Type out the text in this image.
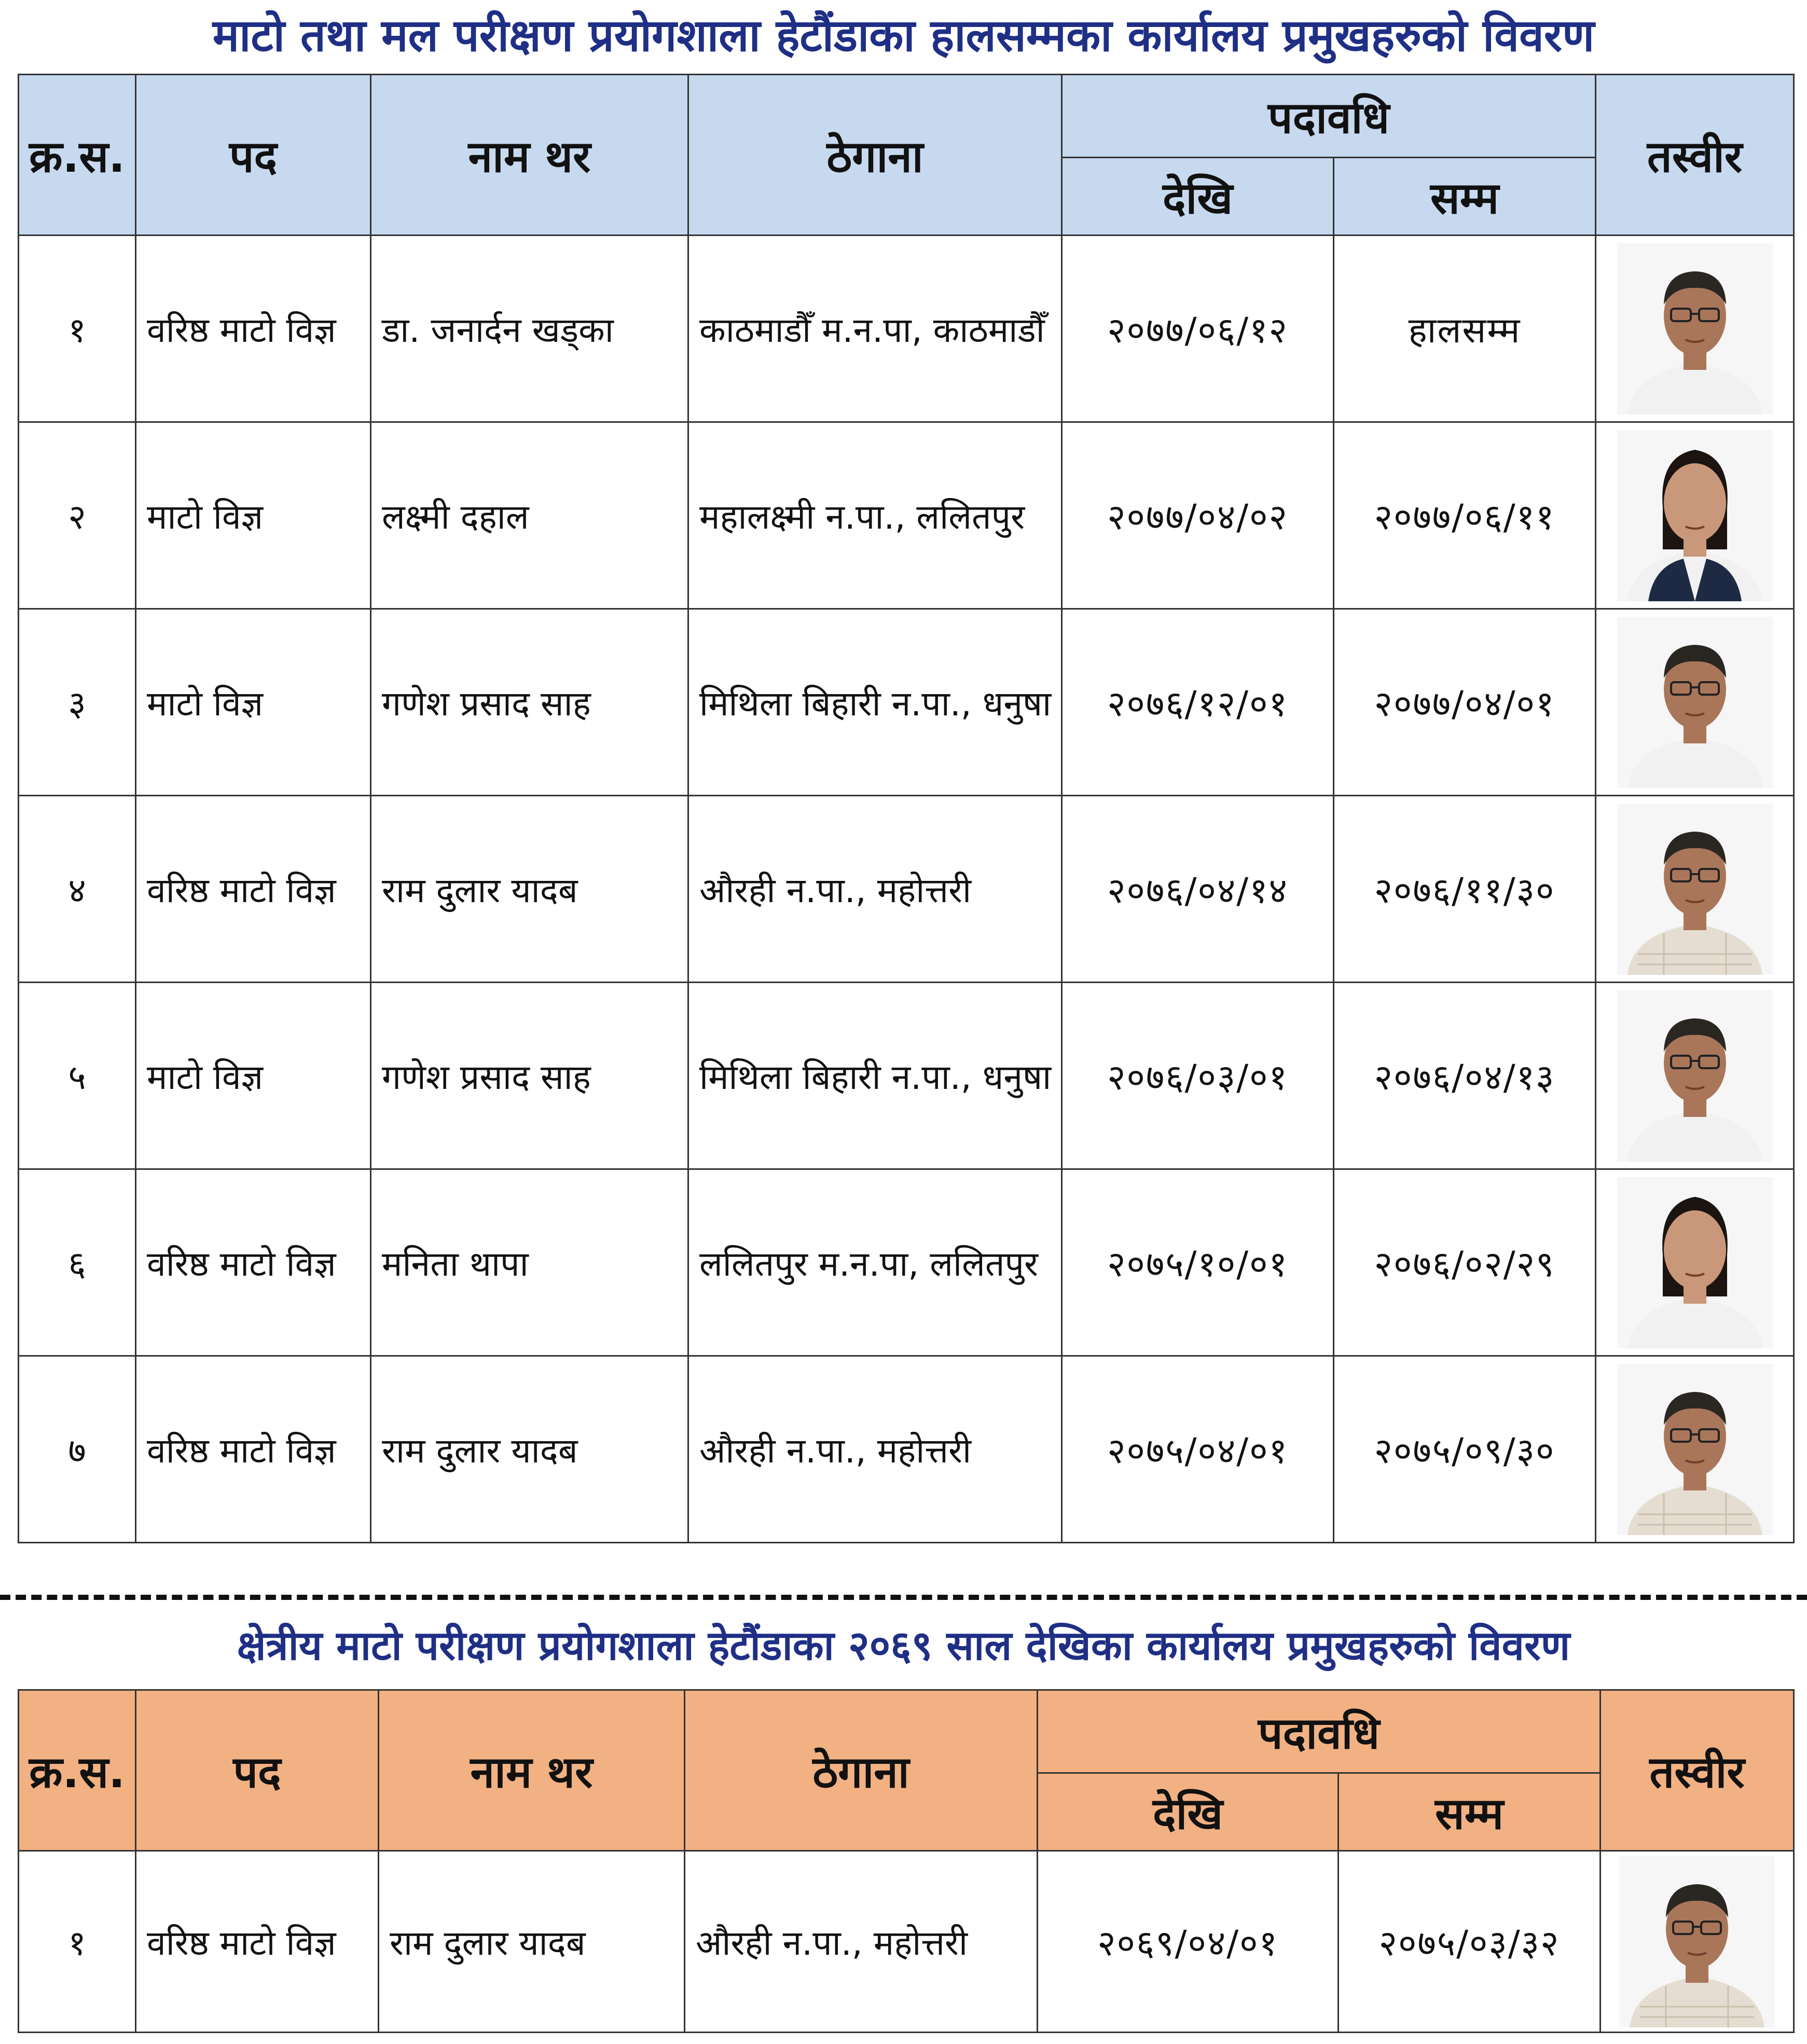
माटो तथा मल परीक्षण प्रयोगशाला हेटौंडाका हालसम्मका कार्यालय प्रमुखहरुको विवरण
क्र.स.	पद	नाम थर	ठेगाना	पदावधि		तस्वीर
				देखि	सम्म	
१	वरिष्ठ माटो विज्ञ	डा. जनार्दन खड्का	काठमाडौँ म.न.पा, काठमाडौँ	२०७७/०६/१२	हालसम्म	

२	माटो विज्ञ	लक्ष्मी दहाल	महालक्ष्मी न.पा., ललितपुर	२०७७/०४/०२	२०७७/०६/११	

३	माटो विज्ञ	गणेश प्रसाद साह	मिथिला बिहारी न.पा., धनुषा	२०७६/१२/०१	२०७७/०४/०१	

४	वरिष्ठ माटो विज्ञ	राम दुलार यादब	औरही न.पा., महोत्तरी	२०७६/०४/१४	२०७६/११/३०	

५	माटो विज्ञ	गणेश प्रसाद साह	मिथिला बिहारी न.पा., धनुषा	२०७६/०३/०१	२०७६/०४/१३	

६	वरिष्ठ माटो विज्ञ	मनिता थापा	ललितपुर म.न.पा, ललितपुर	२०७५/१०/०१	२०७६/०२/२९	

७	वरिष्ठ माटो विज्ञ	राम दुलार यादब	औरही न.पा., महोत्तरी	२०७५/०४/०१	२०७५/०९/३०	
क्षेत्रीय माटो परीक्षण प्रयोगशाला हेटौंडाका २०६९ साल देखिका कार्यालय प्रमुखहरुको विवरण
क्र.स.	पद	नाम थर	ठेगाना	पदावधि		तस्वीर
				देखि	सम्म	
१	वरिष्ठ माटो विज्ञ	राम दुलार यादब	औरही न.पा., महोत्तरी	२०६९/०४/०१	२०७५/०३/३२	
